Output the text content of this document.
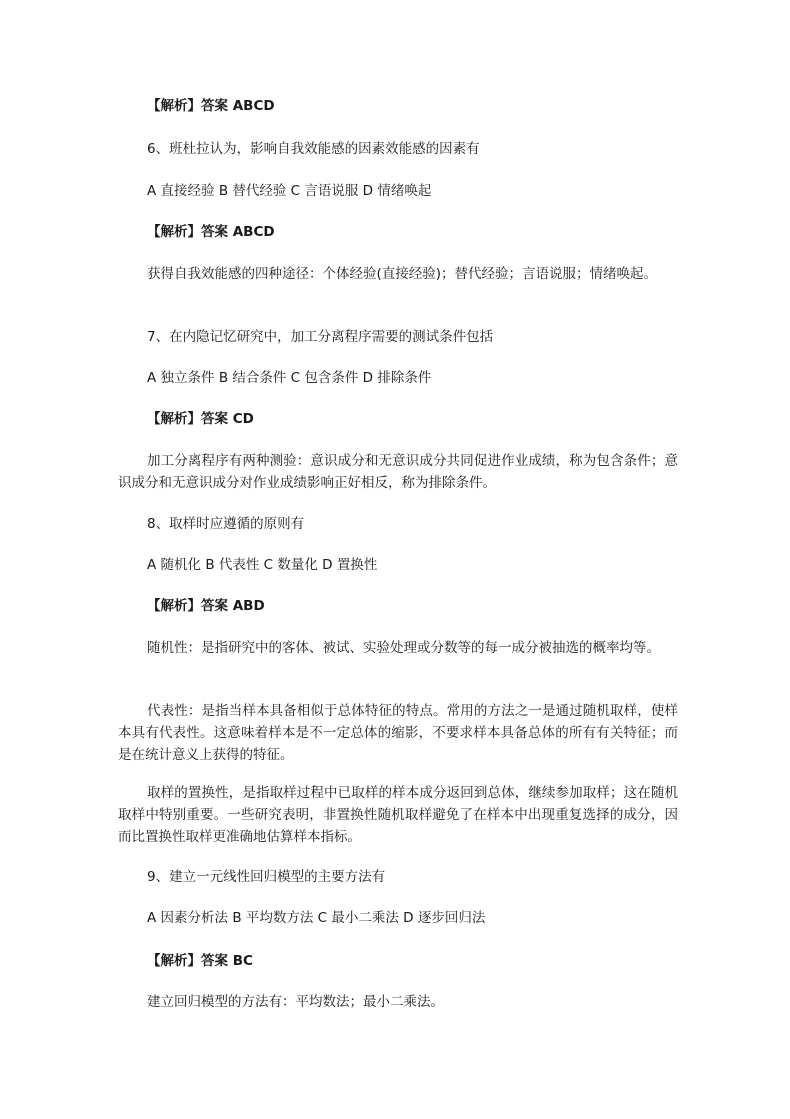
【解析】答案 ABCD
6、班杜拉认为，影响自我效能感的因素效能感的因素有
A 直接经验 B 替代经验 C 言语说服 D 情绪唤起
【解析】答案 ABCD
获得自我效能感的四种途径：个体经验(直接经验)；替代经验；言语说服；情绪唤起。
7、在内隐记忆研究中，加工分离程序需要的测试条件包括
A 独立条件 B 结合条件 C 包含条件 D 排除条件
【解析】答案 CD
加工分离程序有两种测验：意识成分和无意识成分共同促进作业成绩，称为包含条件；意识成分和无意识成分对作业成绩影响正好相反，称为排除条件。
8、取样时应遵循的原则有
A 随机化 B 代表性 C 数量化 D 置换性
【解析】答案 ABD
随机性：是指研究中的客体、被试、实验处理或分数等的每一成分被抽选的概率均等。
代表性：是指当样本具备相似于总体特征的特点。常用的方法之一是通过随机取样，使样本具有代表性。这意味着样本是不一定总体的缩影，不要求样本具备总体的所有有关特征；而是在统计意义上获得的特征。
取样的置换性，是指取样过程中已取样的样本成分返回到总体，继续参加取样；这在随机取样中特别重要。一些研究表明，非置换性随机取样避免了在样本中出现重复选择的成分，因而比置换性取样更准确地估算样本指标。
9、建立一元线性回归模型的主要方法有
A 因素分析法 B 平均数方法 C 最小二乘法 D 逐步回归法
【解析】答案 BC
建立回归模型的方法有：平均数法；最小二乘法。
